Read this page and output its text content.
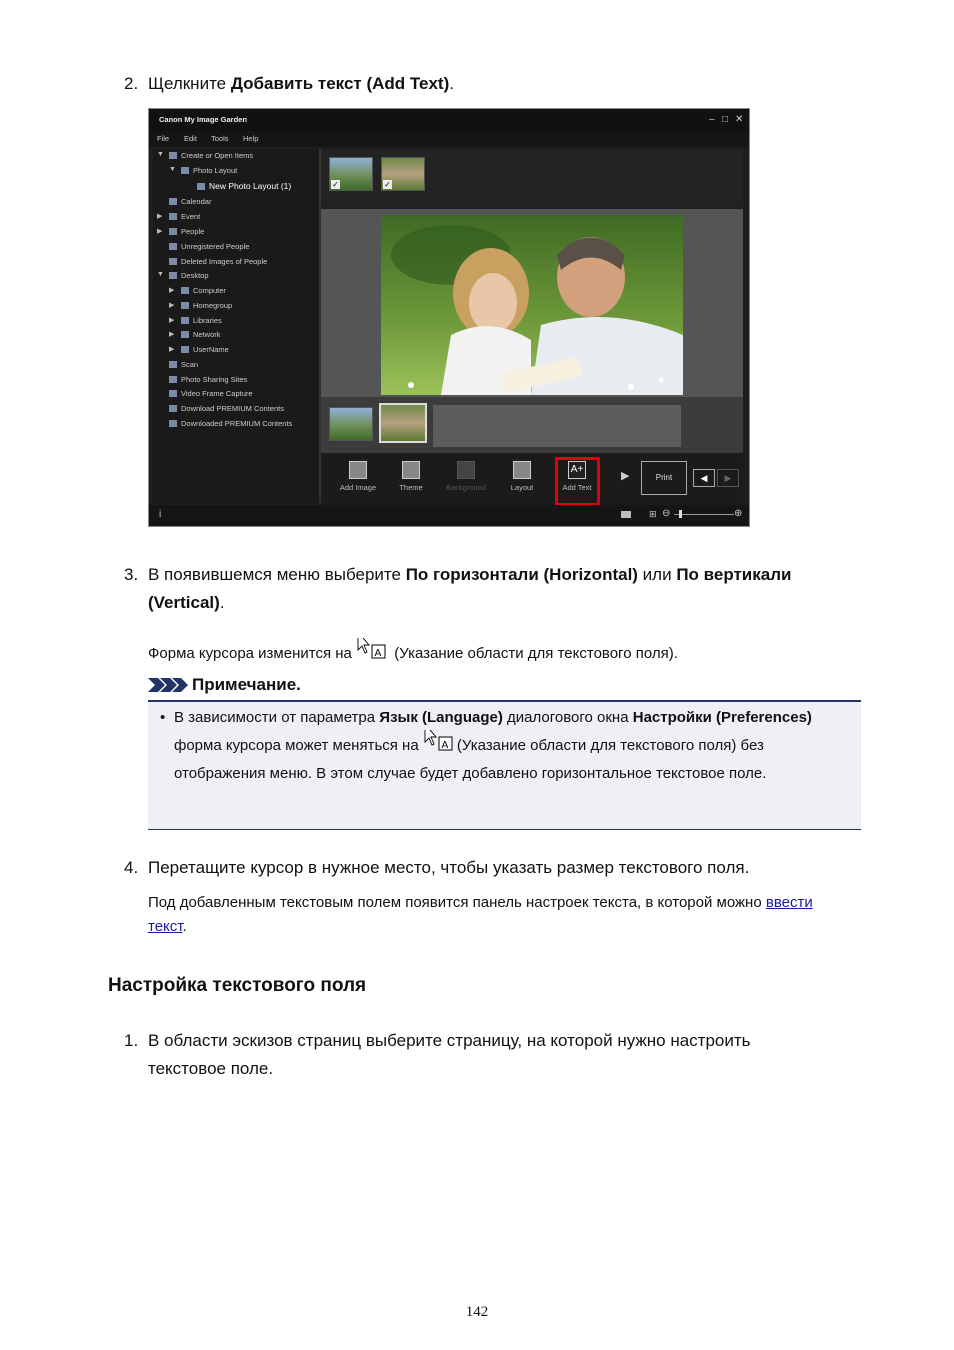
2. Щелкните Добавить текст (Add Text).
Canon My Image Garden	– □ ✕
File Edit Tools Help
▼ Create or Open Items
▼ Photo Layout
New Photo Layout (1)
Calendar
▶ Event
▶ People
Unregistered People
Deleted Images of People
▼ Desktop
▶ Computer
▶ Homegroup
▶ Libraries
▶ Network
▶ UserName
Scan
Photo Sharing Sites
Video Frame Capture
Download PREMIUM Contents
Downloaded PREMIUM Contents
✓	✓
Add Image	Theme	Background	Layout
A+
Add Text
▶	Print	◀	▶
i	⊞ ⊖	⊕
3. В появившемся меню выберите По горизонтали (Horizontal) или По вертикали (Vertical).
Форма курсора изменится на A (Указание области для текстового поля).
Примечание.
• В зависимости от параметра Язык (Language) диалогового окна Настройки (Preferences) форма курсора может меняться на A (Указание области для текстового поля) без отображения меню. В этом случае будет добавлено горизонтальное текстовое поле.
4. Перетащите курсор в нужное место, чтобы указать размер текстового поля.
Под добавленным текстовым полем появится панель настроек текста, в которой можно ввести текст.
Настройка текстового поля
1. В области эскизов страниц выберите страницу, на которой нужно настроить текстовое поле.
142
